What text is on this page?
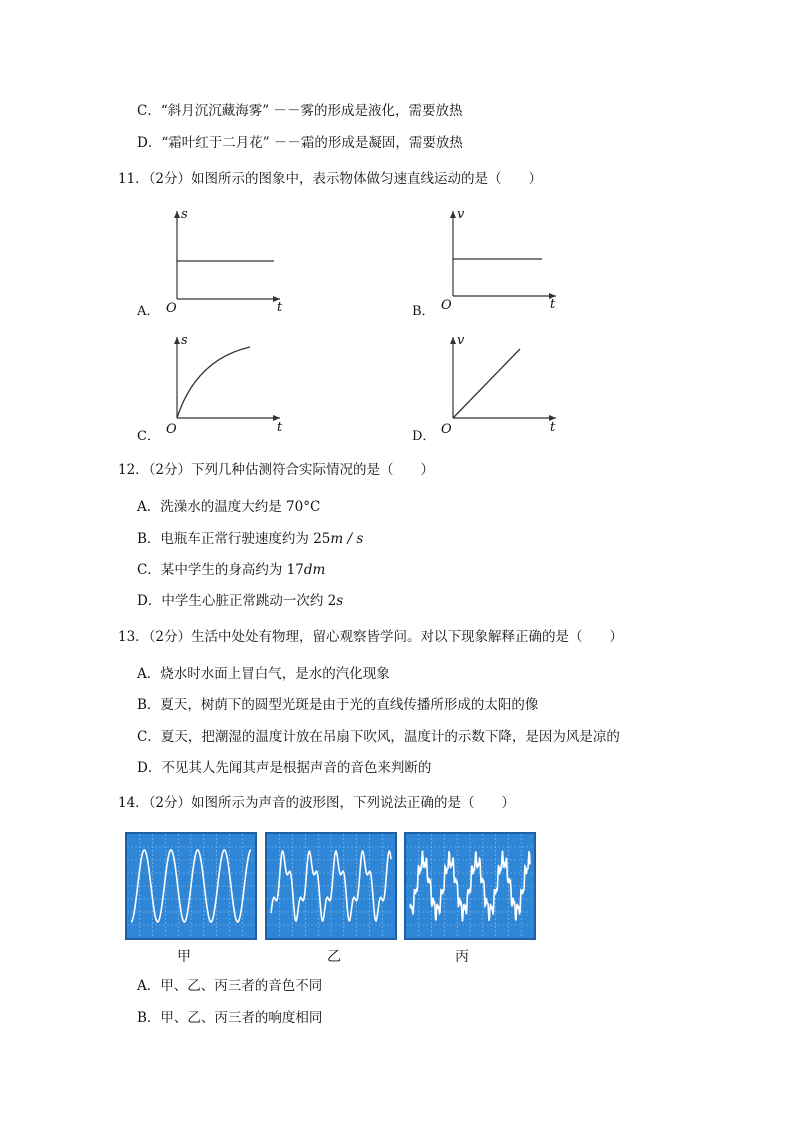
C．“斜月沉沉藏海雾” －－雾的形成是液化，需要放热
D．“霜叶红于二月花” －－霜的形成是凝固，需要放热
11．（2分）如图所示的图象中，表示物体做匀速直线运动的是（　　）
s
t
O
A．
v
t
O
B．
s
t
O
C．
v
t
O
D．
12．（2分）下列几种估测符合实际情况的是（　　）
A．洗澡水的温度大约是 70°C
B．电瓶车正常行驶速度约为 25m / s
C．某中学生的身高约为 17dm
D．中学生心脏正常跳动一次约 2s
13．（2分）生活中处处有物理，留心观察皆学问。对以下现象解释正确的是（　　）
A．烧水时水面上冒白气，是水的汽化现象
B．夏天，树荫下的圆型光斑是由于光的直线传播所形成的太阳的像
C．夏天，把潮湿的温度计放在吊扇下吹风，温度计的示数下降，是因为风是凉的
D．不见其人先闻其声是根据声音的音色来判断的
14．（2分）如图所示为声音的波形图，下列说法正确的是（　　）
甲	乙	丙
A．甲、乙、丙三者的音色不同
B．甲、乙、丙三者的响度相同
